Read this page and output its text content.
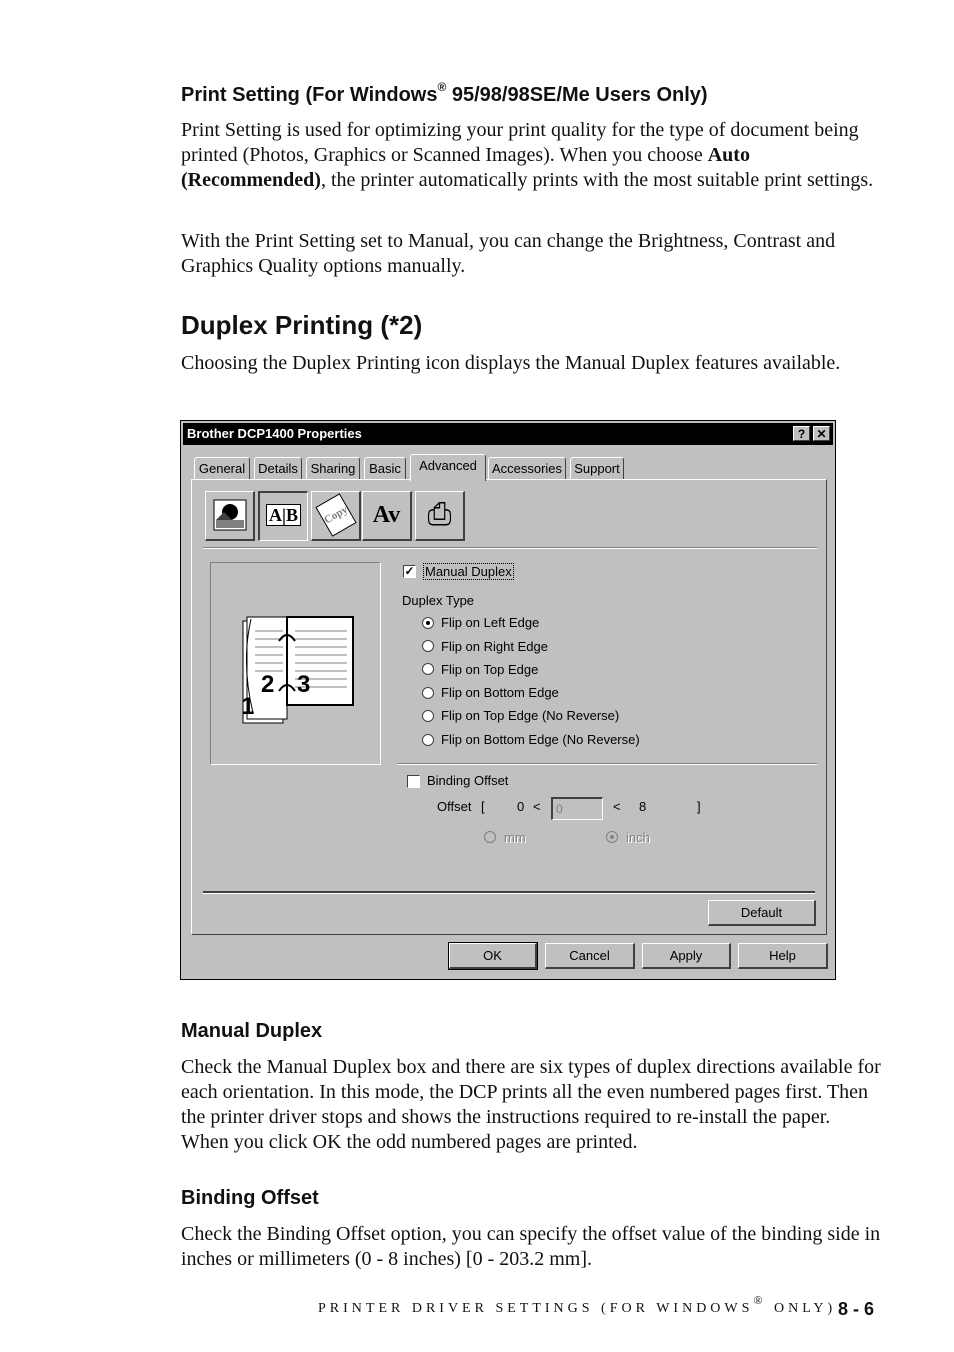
Print Setting (For Windows® 95/98/98SE/Me Users Only)

Print Setting is used for optimizing your print quality for the type of document being printed (Photos, Graphics or Scanned Images). When you choose Auto (Recommended), the printer automatically prints with the most suitable print settings.

With the Print Setting set to Manual, you can change the Brightness, Contrast and Graphics Quality options manually.

Duplex Printing (*2)

Choosing the Duplex Printing icon displays the Manual Duplex features available.

Brother DCP1400 Properties	? ✕
General	Details Sharing	Basic	Advanced	Accessories Support
A|B	Copy Av ⎙
1
2 3
✓ Manual Duplex
Duplex Type
Flip on Left Edge
Flip on Right Edge
Flip on Top Edge
Flip on Bottom Edge
Flip on Top Edge (No Reverse)
Flip on Bottom Edge (No Reverse)
Binding Offset
Offset [ 0 <	0	< 8	]
mm	inch
Default
OK	Cancel	Apply	Help
Manual Duplex

Check the Manual Duplex box and there are six types of duplex directions available for each orientation. In this mode, the DCP prints all the even numbered pages first. Then the printer driver stops and shows the instructions required to re-install the paper. When you click OK the odd numbered pages are printed.

Binding Offset

Check the Binding Offset option, you can specify the offset value of the binding side in inches or millimeters (0 - 8 inches) [0 - 203.2 mm].

PRINTER DRIVER SETTINGS (FOR WINDOWS® ONLY) 8 - 6
